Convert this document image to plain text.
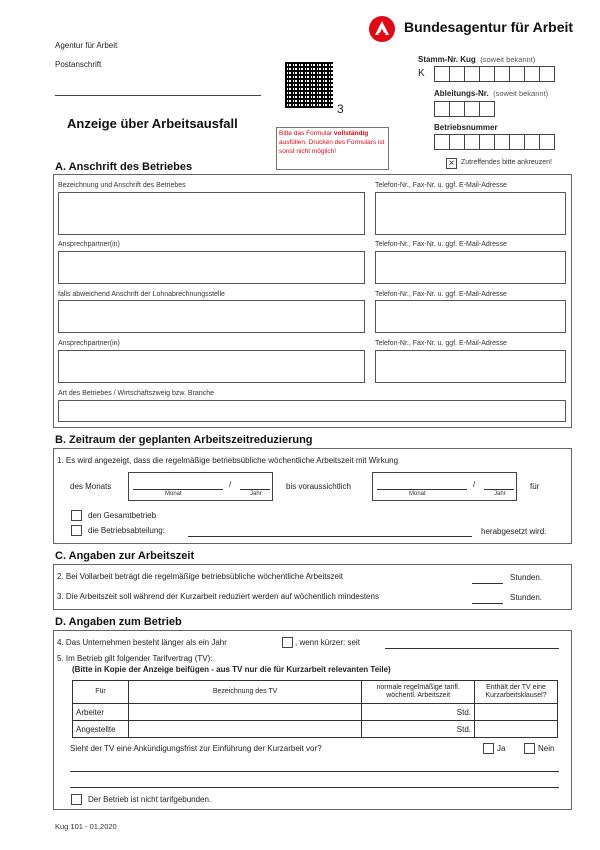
Agentur für Arbeit
Postanschrift
Anzeige über Arbeitsausfall
3
Bitte das Formular vollständig ausfüllen. Drucken des Formulars ist sonst nicht möglich!
Bundesagentur für Arbeit
Stamm-Nr. Kug (soweit bekannt)
K
Ableitungs-Nr. (soweit bekannt)
Betriebsnummer
× Zutreffendes bitte ankreuzen!
A. Anschrift des Betriebes
Bezeichnung und Anschrift des Betriebes	Telefon-Nr., Fax-Nr. u. ggf. E-Mail-Adresse
Ansprechpartner(in)	Telefon-Nr., Fax-Nr. u. ggf. E-Mail-Adresse
falls abweichend Anschrift der Lohnabrechnungsstelle	Telefon-Nr., Fax-Nr. u. ggf. E-Mail-Adresse
Ansprechpartner(in)	Telefon-Nr., Fax-Nr. u. ggf. E-Mail-Adresse
Art des Betriebes / Wirtschaftszweig bzw. Branche
B. Zeitraum der geplanten Arbeitszeitreduzierung
1. Es wird angezeigt, dass die regelmäßige betriebsübliche wöchentliche Arbeitszeit mit Wirkung
des Monats
Monat
/
Jahr
bis voraussichtlich
Monat
/
Jahr
für
den Gesamtbetrieb
die Betriebsabteilung:	herabgesetzt wird.
C. Angaben zur Arbeitszeit
2. Bei Vollarbeit beträgt die regelmäßige betriebsübliche wöchentliche Arbeitszeit	Stunden.
3. Die Arbeitszeit soll während der Kurzarbeit reduziert werden auf wöchentlich mindestens	Stunden.
D. Angaben zum Betrieb
4. Das Unternehmen besteht länger als ein Jahr	, wenn kürzer: seit
5. Im Betrieb gilt folgender Tarifvertrag (TV):
(Bitte in Kopie der Anzeige beifügen - aus TV nur die für Kurzarbeit relevanten Teile)
Für	Bezeichnung des TV	normale regelmäßige tarifl. wöchentl. Arbeitszeit	Enthält der TV eine Kurzarbeitsklausel?
Arbeiter		Std.	
Angestellte		Std.	
Sieht der TV eine Ankündigungsfrist zur Einführung der Kurzarbeit vor?	Ja	Nein
Der Betrieb ist nicht tarifgebunden.
Kug 101 - 01.2020
